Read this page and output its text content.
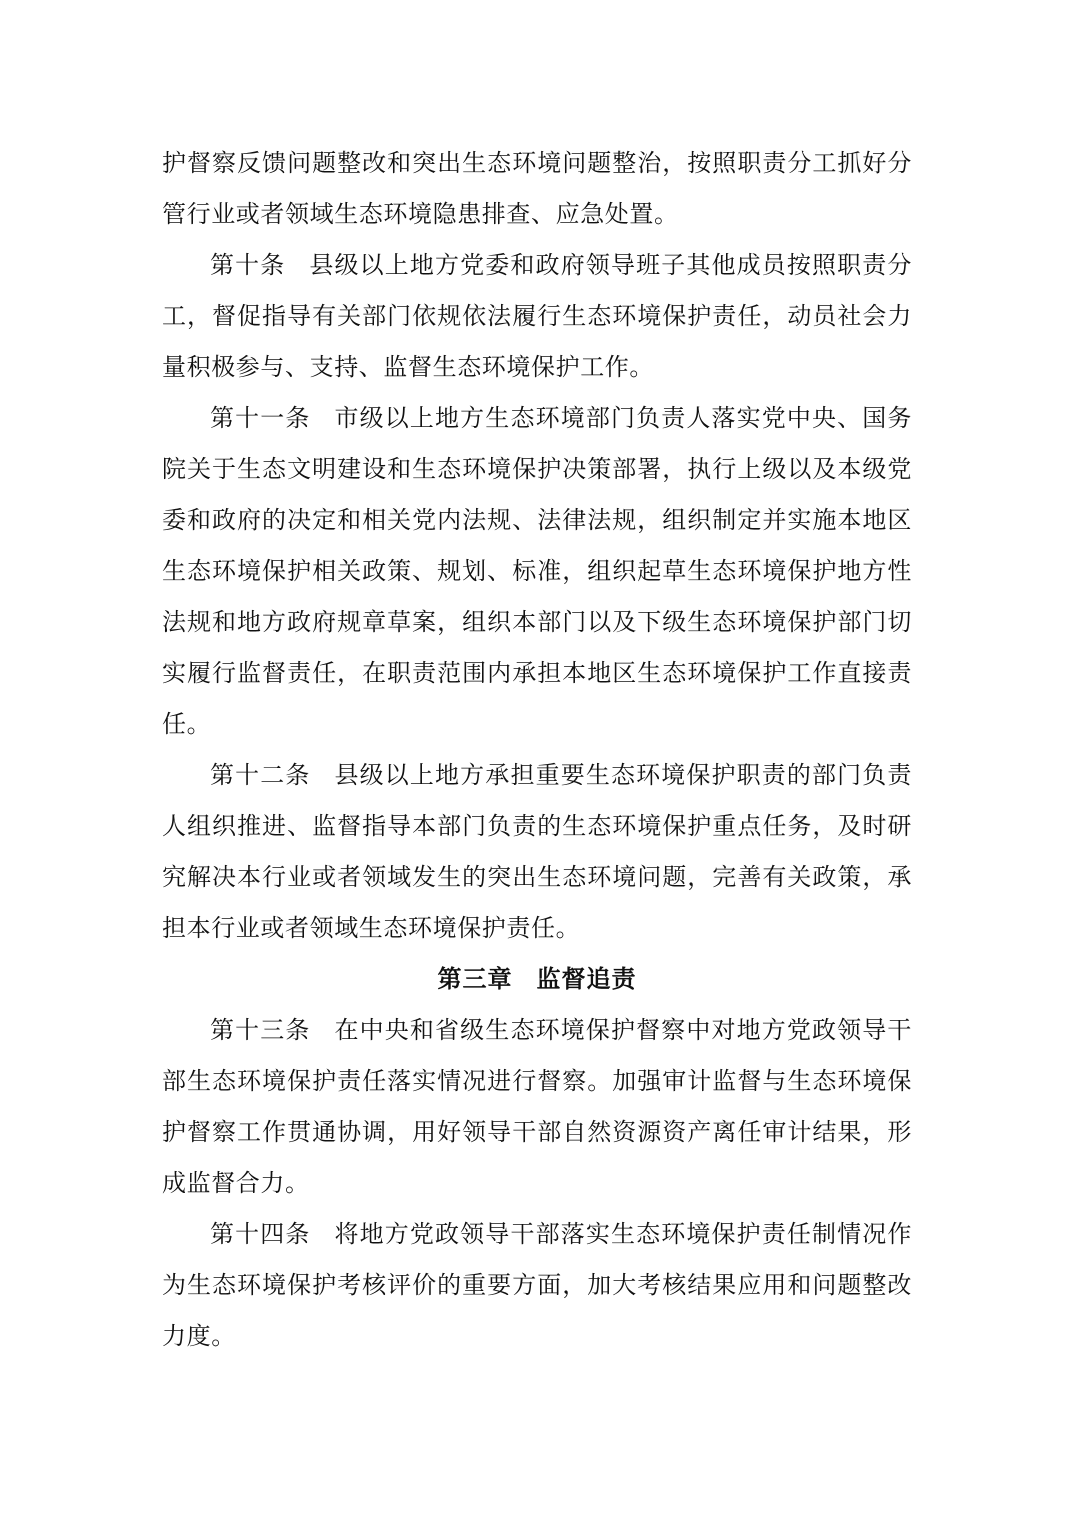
护督察反馈问题整改和突出生态环境问题整治，按照职责分工抓好分管行业或者领域生态环境隐患排查、应急处置。

第十条 县级以上地方党委和政府领导班子其他成员按照职责分工，督促指导有关部门依规依法履行生态环境保护责任，动员社会力量积极参与、支持、监督生态环境保护工作。

第十一条 市级以上地方生态环境部门负责人落实党中央、国务院关于生态文明建设和生态环境保护决策部署，执行上级以及本级党委和政府的决定和相关党内法规、法律法规，组织制定并实施本地区生态环境保护相关政策、规划、标准，组织起草生态环境保护地方性法规和地方政府规章草案，组织本部门以及下级生态环境保护部门切实履行监督责任，在职责范围内承担本地区生态环境保护工作直接责任。

第十二条 县级以上地方承担重要生态环境保护职责的部门负责人组织推进、监督指导本部门负责的生态环境保护重点任务，及时研究解决本行业或者领域发生的突出生态环境问题，完善有关政策，承担本行业或者领域生态环境保护责任。

第三章 监督追责

第十三条 在中央和省级生态环境保护督察中对地方党政领导干部生态环境保护责任落实情况进行督察。加强审计监督与生态环境保护督察工作贯通协调，用好领导干部自然资源资产离任审计结果，形成监督合力。

第十四条 将地方党政领导干部落实生态环境保护责任制情况作为生态环境保护考核评价的重要方面，加大考核结果应用和问题整改力度。
